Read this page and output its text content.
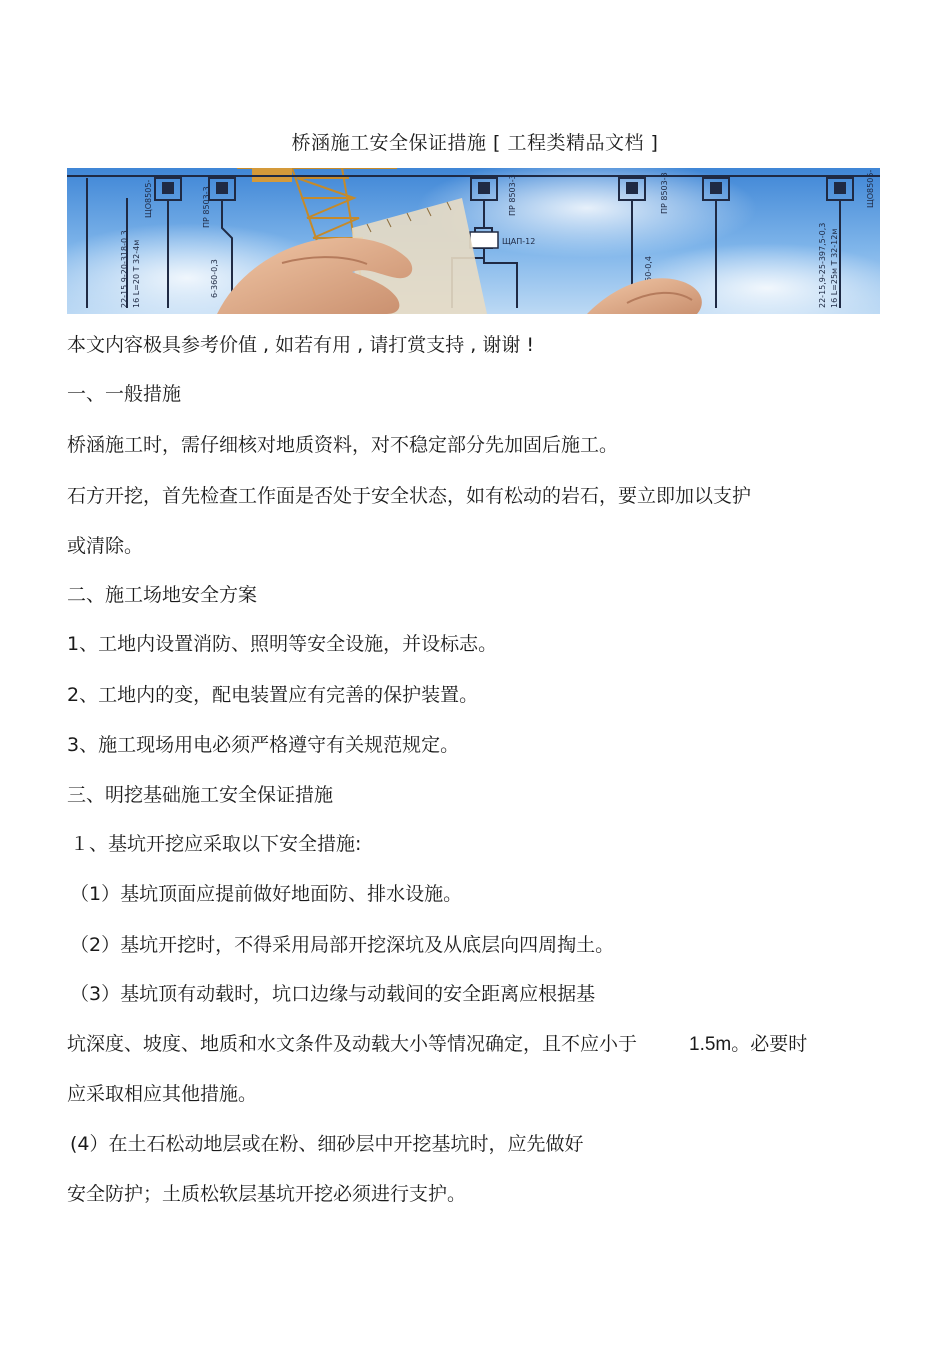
桥涵施工安全保证措施 [ 工程类精品文档 ]
ЩО8505-	ПР 8503-3
ЩАП-12
ПР 8503-3	ПР 8503-3	ЩО8505-
22-15,9-20-318-0,3	6-360-0,3	22-15,9-25-397,5-0,3 16 L=25м T 32-12м
16 L=20 T 32-4м
本文内容极具参考价值 , 如若有用 , 请打赏支持 , 谢谢 !
一、一般措施
桥涵施工时，需仔细核对地质资料，对不稳定部分先加固后施工。
石方开挖，首先检查工作面是否处于安全状态，如有松动的岩石，要立即加以支护
或清除。
二、施工场地安全方案
1、工地内设置消防、照明等安全设施，并设标志。
2、工地内的变，配电装置应有完善的保护装置。
3、施工现场用电必须严格遵守有关规范规定。
三、明挖基础施工安全保证措施
１、基坑开挖应采取以下安全措施:
（1）基坑顶面应提前做好地面防、排水设施。
（2）基坑开挖时，不得采用局部开挖深坑及从底层向四周掏土。
（3）基坑顶有动载时，坑口边缘与动载间的安全距离应根据基
坑深度、坡度、地质和水文条件及动载大小等情况确定，且不应小于	1.5m。必要时
应采取相应其他措施。
(4）在土石松动地层或在粉、细砂层中开挖基坑时，应先做好
安全防护；土质松软层基坑开挖必须进行支护。
